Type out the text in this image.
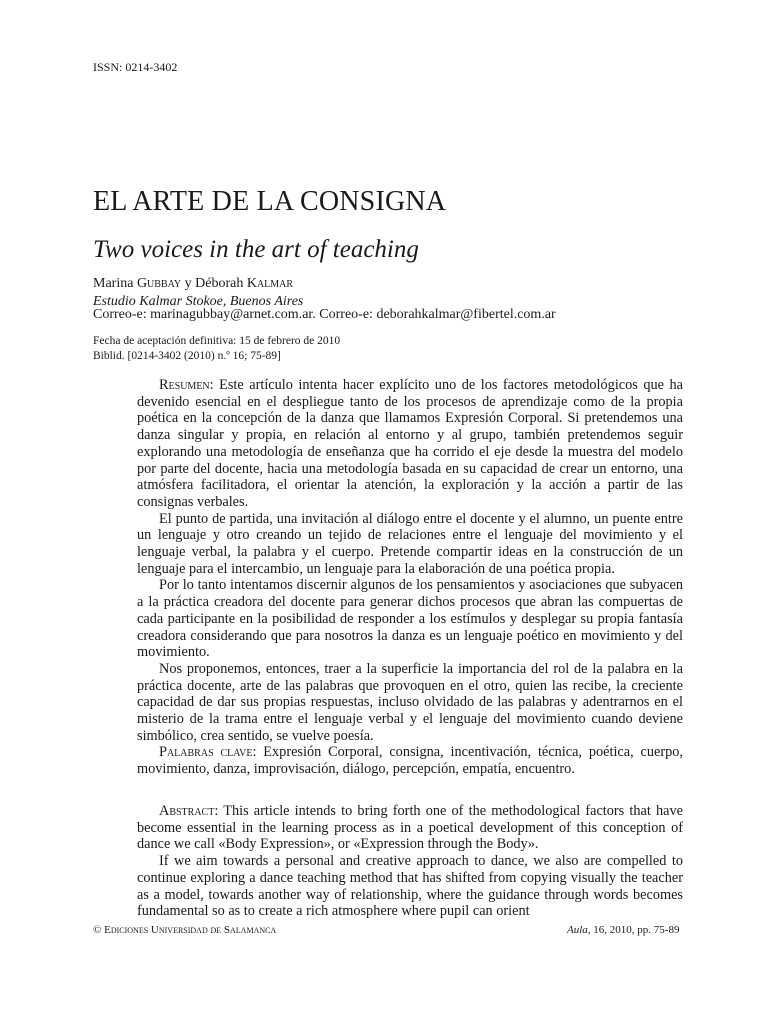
ISSN: 0214-3402
EL ARTE DE LA CONSIGNA
Two voices in the art of teaching
Marina Gubbay y Déborah Kalmar
Estudio Kalmar Stokoe, Buenos Aires
Correo-e: marinagubbay@arnet.com.ar. Correo-e: deborahkalmar@fibertel.com.ar
Fecha de aceptación definitiva: 15 de febrero de 2010
Biblid. [0214-3402 (2010) n.º 16; 75-89]

Resumen: Este artículo intenta hacer explícito uno de los factores metodológicos que ha devenido esencial en el despliegue tanto de los procesos de aprendizaje como de la propia poética en la concepción de la danza que llamamos Expresión Corporal. Si pretendemos una danza singular y propia, en relación al entorno y al grupo, también pretendemos seguir explorando una metodología de enseñanza que ha corrido el eje desde la muestra del modelo por parte del docente, hacia una metodología basada en su capacidad de crear un entorno, una atmósfera facilitadora, el orientar la atención, la exploración y la acción a partir de las consignas verbales.

El punto de partida, una invitación al diálogo entre el docente y el alumno, un puente entre un lenguaje y otro creando un tejido de relaciones entre el lenguaje del movimiento y el lenguaje verbal, la palabra y el cuerpo. Pretende compartir ideas en la construcción de un lenguaje para el intercambio, un lenguaje para la elaboración de una poética propia.

Por lo tanto intentamos discernir algunos de los pensamientos y asociaciones que subyacen a la práctica creadora del docente para generar dichos procesos que abran las compuertas de cada participante en la posibilidad de responder a los estímulos y desplegar su propia fantasía creadora considerando que para nosotros la danza es un lenguaje poético en movimiento y del movimiento.

Nos proponemos, entonces, traer a la superficie la importancia del rol de la palabra en la práctica docente, arte de las palabras que provoquen en el otro, quien las recibe, la creciente capacidad de dar sus propias respuestas, incluso olvidado de las palabras y adentrarnos en el misterio de la trama entre el lenguaje verbal y el lenguaje del movimiento cuando deviene simbólico, crea sentido, se vuelve poesía.

Palabras clave: Expresión Corporal, consigna, incentivación, técnica, poética, cuerpo, movimiento, danza, improvisación, diálogo, percepción, empatía, encuentro.

Abstract: This article intends to bring forth one of the methodological factors that have become essential in the learning process as in a poetical development of this conception of dance we call «Body Expression», or «Expression through the Body».

If we aim towards a personal and creative approach to dance, we also are compelled to continue exploring a dance teaching method that has shifted from copying visually the teacher as a model, towards another way of relationship, where the guidance through words becomes fundamental so as to create a rich atmosphere where pupil can orient

© Ediciones Universidad de Salamanca	Aula, 16, 2010, pp. 75-89
